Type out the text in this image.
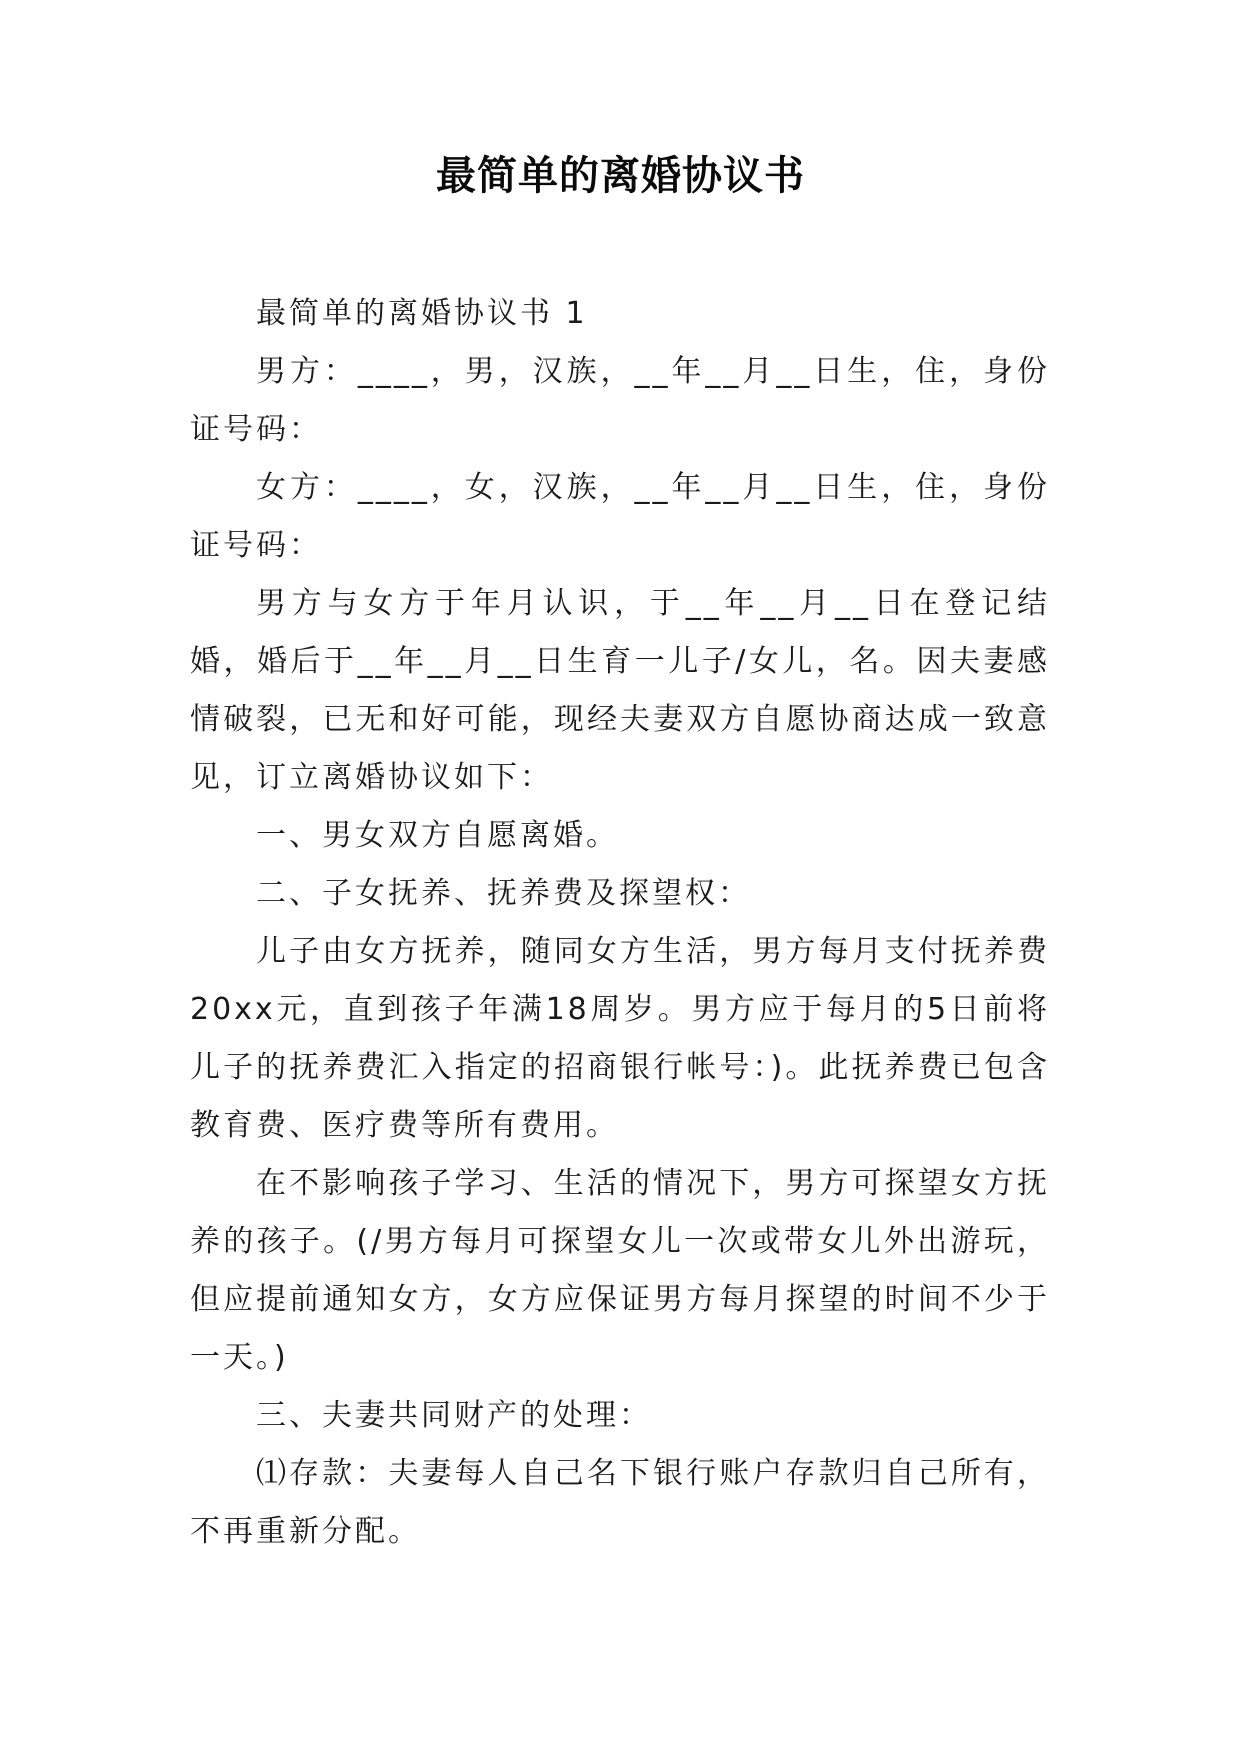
最简单的离婚协议书

最简单的离婚协议书 1

男方：____，男，汉族，__年__月__日生，住，身份证号码：

女方：____，女，汉族，__年__月__日生，住，身份证号码：

男方与女方于年月认识，于__年__月__日在登记结婚，婚后于__年__月__日生育一儿子/女儿，名。因夫妻感情破裂，已无和好可能，现经夫妻双方自愿协商达成一致意见，订立离婚协议如下：

一、男女双方自愿离婚。

二、子女抚养、抚养费及探望权：

儿子由女方抚养，随同女方生活，男方每月支付抚养费20xx元，直到孩子年满18周岁。男方应于每月的5日前将儿子的抚养费汇入指定的招商银行帐号：)。此抚养费已包含教育费、医疗费等所有费用。

在不影响孩子学习、生活的情况下，男方可探望女方抚养的孩子。(/男方每月可探望女儿一次或带女儿外出游玩，但应提前通知女方，女方应保证男方每月探望的时间不少于一天。)

三、夫妻共同财产的处理：

⑴存款：夫妻每人自己名下银行账户存款归自己所有，不再重新分配。
